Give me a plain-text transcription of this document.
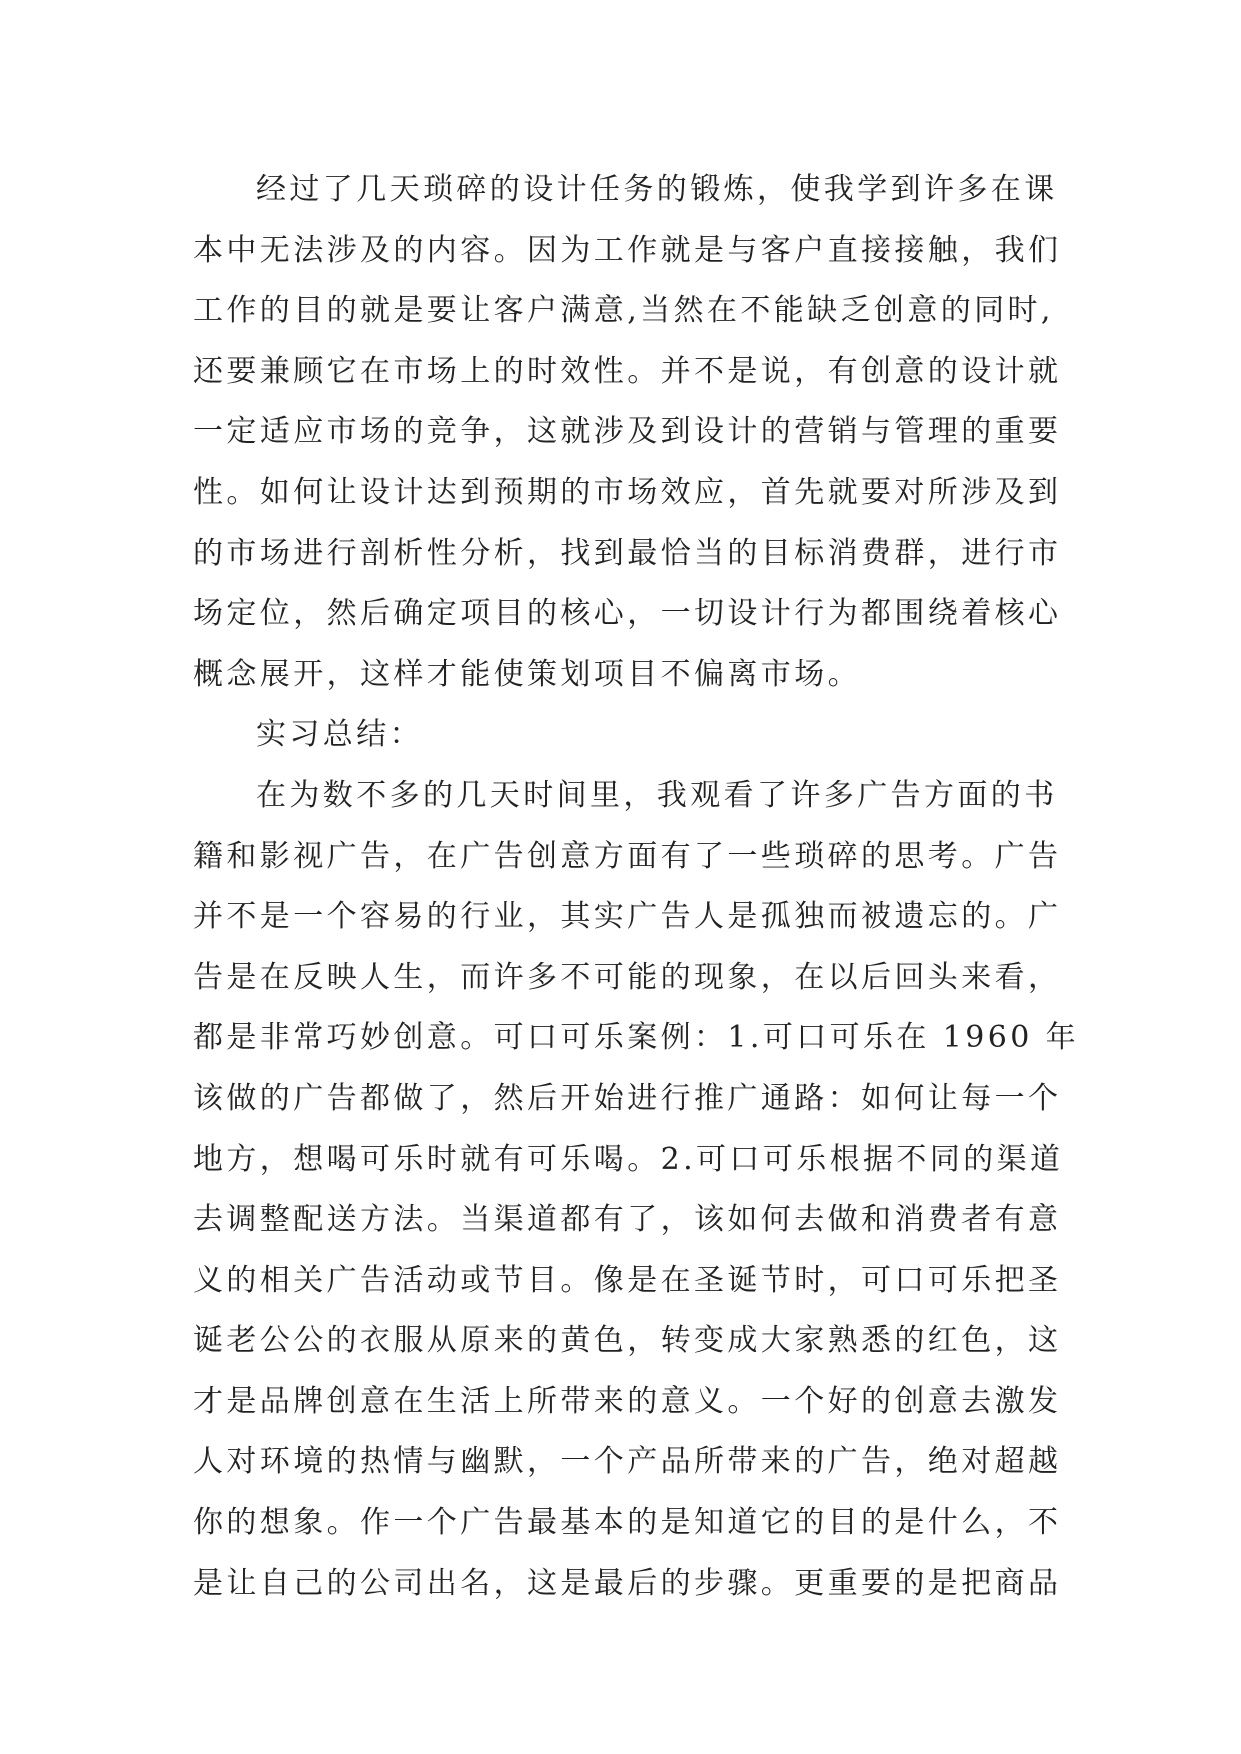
经过了几天琐碎的设计任务的锻炼，使我学到许多在课
本中无法涉及的内容。因为工作就是与客户直接接触，我们
工作的目的就是要让客户满意,当然在不能缺乏创意的同时,
还要兼顾它在市场上的时效性。并不是说，有创意的设计就
一定适应市场的竞争，这就涉及到设计的营销与管理的重要
性。如何让设计达到预期的市场效应，首先就要对所涉及到
的市场进行剖析性分析，找到最恰当的目标消费群，进行市
场定位，然后确定项目的核心，一切设计行为都围绕着核心
概念展开，这样才能使策划项目不偏离市场。
实习总结：
在为数不多的几天时间里，我观看了许多广告方面的书
籍和影视广告，在广告创意方面有了一些琐碎的思考。广告
并不是一个容易的行业，其实广告人是孤独而被遗忘的。广
告是在反映人生，而许多不可能的现象，在以后回头来看，
都是非常巧妙创意。可口可乐案例：1.可口可乐在 1960 年
该做的广告都做了，然后开始进行推广通路：如何让每一个
地方，想喝可乐时就有可乐喝。2.可口可乐根据不同的渠道
去调整配送方法。当渠道都有了，该如何去做和消费者有意
义的相关广告活动或节目。像是在圣诞节时，可口可乐把圣
诞老公公的衣服从原来的黄色，转变成大家熟悉的红色，这
才是品牌创意在生活上所带来的意义。一个好的创意去激发
人对环境的热情与幽默，一个产品所带来的广告，绝对超越
你的想象。作一个广告最基本的是知道它的目的是什么，不
是让自己的公司出名，这是最后的步骤。更重要的是把商品
